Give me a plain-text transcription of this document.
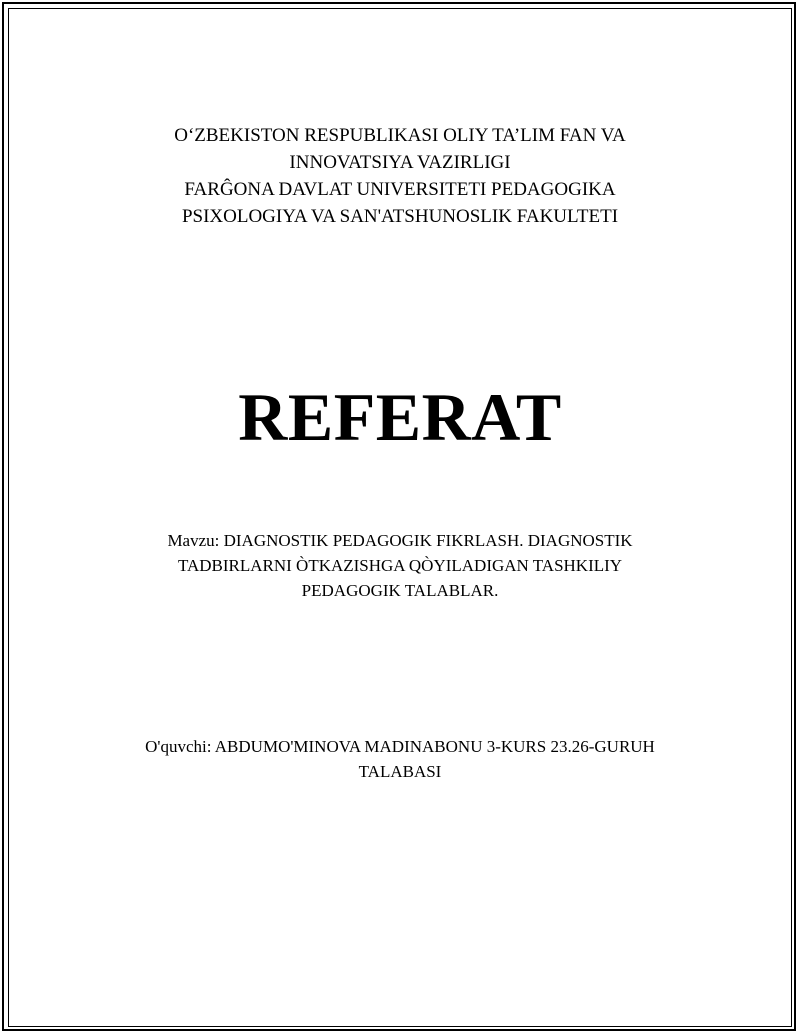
O‘ZBEKISTON RESPUBLIKASI OLIY TA’LIM FAN VA
INNOVATSIYA VAZIRLIGI
FARĜONA DAVLAT UNIVERSITETI PEDAGOGIKA
PSIXOLOGIYA VA SAN'ATSHUNOSLIK FAKULTETI
REFERAT
Mavzu: DIAGNOSTIK PEDAGOGIK FIKRLASH. DIAGNOSTIK
TADBIRLARNI ÒTKAZISHGA QÒYILADIGAN TASHKILIY
PEDAGOGIK TALABLAR.
O'quvchi: ABDUMO'MINOVA MADINABONU 3-KURS 23.26-GURUH
TALABASI
